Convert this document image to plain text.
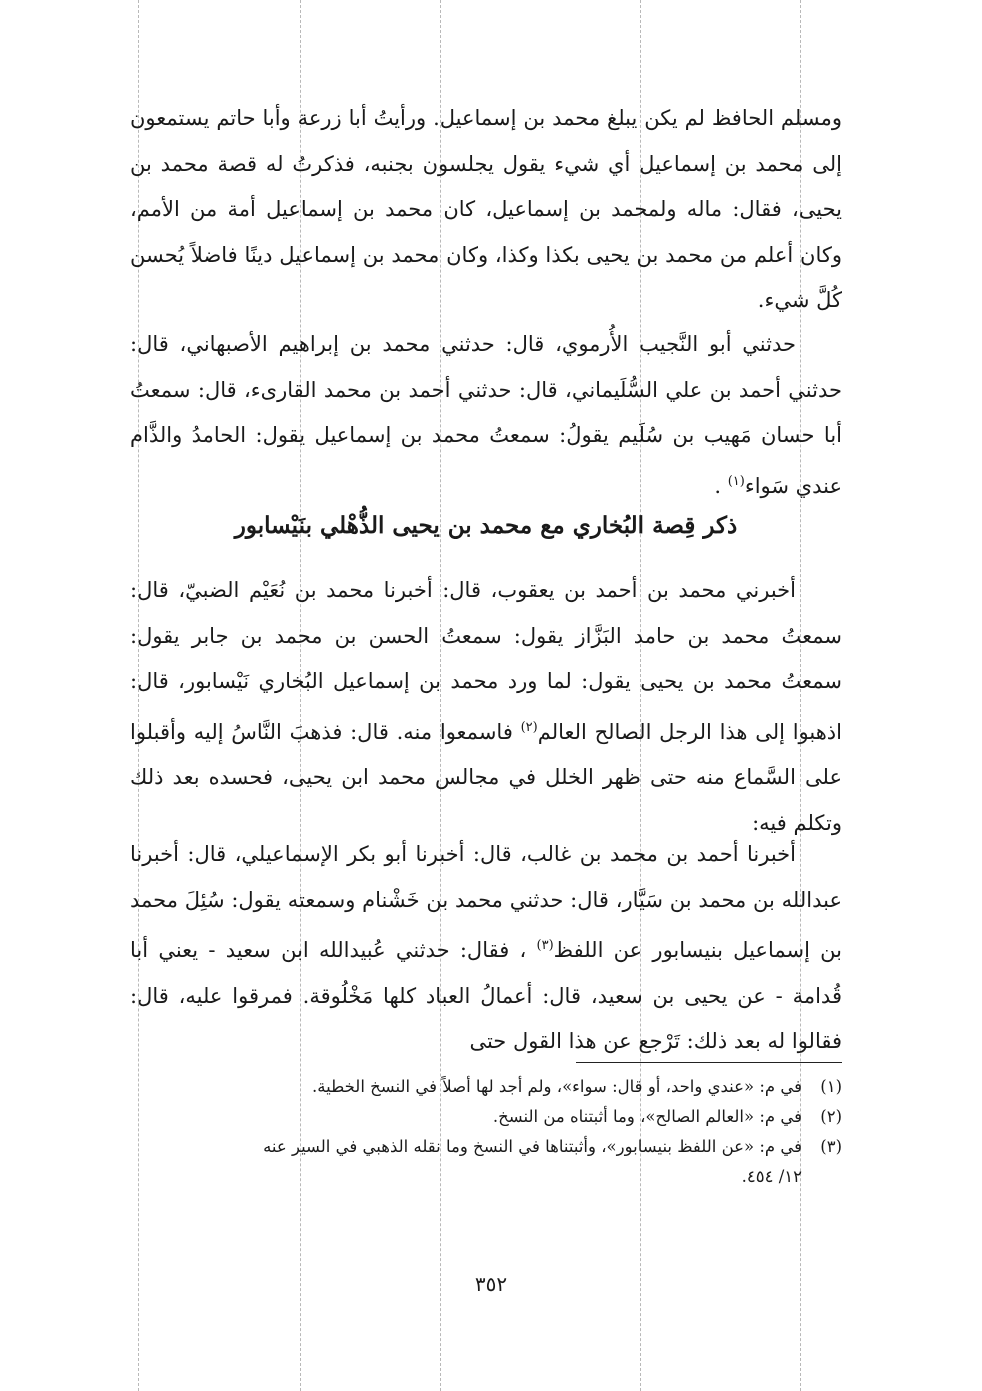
ومسلم الحافظ لم يكن يبلغ محمد بن إسماعيل. ورأيتُ أبا زرعة وأبا حاتم يستمعون إلى محمد بن إسماعيل أي شيء يقول يجلسون بجنبه، فذكرتُ له قصة محمد بن يحيى، فقال: ماله ولمحمد بن إسماعيل، كان محمد بن إسماعيل أمة من الأمم، وكان أعلم من محمد بن يحيى بكذا وكذا، وكان محمد بن إسماعيل دينًا فاضلاً يُحسن كُلَّ شيء.

حدثني أبو النَّجيب الأُرموي، قال: حدثني محمد بن إبراهيم الأصبهاني، قال: حدثني أحمد بن علي السُّلَيماني، قال: حدثني أحمد بن محمد القارىء، قال: سمعتُ أبا حسان مَهيب بن سُلَيم يقولُ: سمعتُ محمد بن إسماعيل يقول: الحامدُ والذَّام عندي سَواء$^{(١)}$ .

ذكر قِصة البُخاري مع محمد بن يحيى الذُّهْلي بنَيْسابور

أخبرني محمد بن أحمد بن يعقوب، قال: أخبرنا محمد بن نُعَيْم الضبيّ، قال: سمعتُ محمد بن حامد البَزَّاز يقول: سمعتُ الحسن بن محمد بن جابر يقول: سمعتُ محمد بن يحيى يقول: لما ورد محمد بن إسماعيل البُخاري نَيْسابور، قال: اذهبوا إلى هذا الرجل الصالح العالم$^{(٢)}$ فاسمعوا منه. قال: فذهبَ النَّاسُ إليه وأقبلوا على السَّماع منه حتى ظهر الخلل في مجالس محمد ابن يحيى، فحسده بعد ذلك وتكلم فيه:

أخبرنا أحمد بن محمد بن غالب، قال: أخبرنا أبو بكر الإسماعيلي، قال: أخبرنا عبدالله بن محمد بن سَيَّار، قال: حدثني محمد بن خَشْنام وسمعته يقول: سُئِلَ محمد بن إسماعيل بنيسابور عن اللفظ$^{(٣)}$ ، فقال: حدثني عُبيدالله ابن سعيد - يعني أبا قُدامة - عن يحيى بن سعيد، قال: أعمالُ العباد كلها مَخْلُوقة. فمرقوا عليه، قال: فقالوا له بعد ذلك: تَرْجع عن هذا القول حتى

(١)
في م: «عندي واحد، أو قال: سواء»، ولم أجد لها أصلاً في النسخ الخطية.
(٢)
في م: «العالم الصالح»، وما أثبتناه من النسخ.
(٣)
في م: «عن اللفظ بنيسابور»، وأثبتناها في النسخ وما نقله الذهبي في السير عنه
١٢/ ٤٥٤.
٣٥٢
